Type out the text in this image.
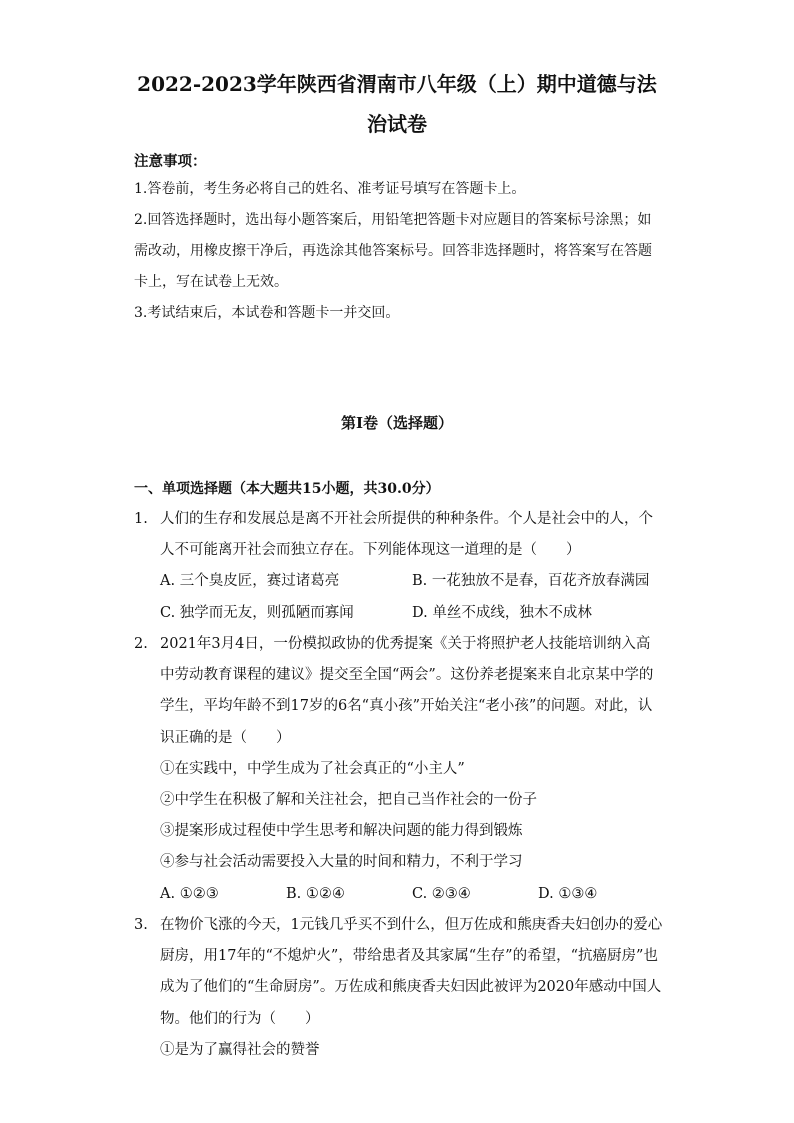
2022-2023学年陕西省渭南市八年级（上）期中道德与法
治试卷
注意事项：
1.答卷前，考生务必将自己的姓名、准考证号填写在答题卡上。
2.回答选择题时，选出每小题答案后，用铅笔把答题卡对应题目的答案标号涂黑；如需改动，用橡皮擦干净后，再选涂其他答案标号。回答非选择题时，将答案写在答题卡上，写在试卷上无效。
3.考试结束后，本试卷和答题卡一并交回。
第Ⅰ卷（选择题）
一、单项选择题（本大题共15小题，共30.0分）
1. 人们的生存和发展总是离不开社会所提供的种种条件。个人是社会中的人，个人不可能离开社会而独立存在。下列能体现这一道理的是（　　）
A. 三个臭皮匠，赛过诸葛亮	B. 一花独放不是春，百花齐放春满园
C. 独学而无友，则孤陋而寡闻	D. 单丝不成线，独木不成林
2. 2021年3月4日，一份模拟政协的优秀提案《关于将照护老人技能培训纳入高中劳动教育课程的建议》提交至全国“两会”。这份养老提案来自北京某中学的学生，平均年龄不到17岁的6名“真小孩”开始关注“老小孩”的问题。对此，认识正确的是（　　）
①在实践中，中学生成为了社会真正的“小主人”
②中学生在积极了解和关注社会，把自己当作社会的一份子
③提案形成过程使中学生思考和解决问题的能力得到锻炼
④参与社会活动需要投入大量的时间和精力，不利于学习
A. ①②③	B. ①②④	C. ②③④	D. ①③④
3. 在物价飞涨的今天，1元钱几乎买不到什么，但万佐成和熊庚香夫妇创办的爱心厨房，用17年的“不熄炉火”，带给患者及其家属“生存”的希望，“抗癌厨房”也成为了他们的“生命厨房”。万佐成和熊庚香夫妇因此被评为2020年感动中国人物。他们的行为（　　）
①是为了赢得社会的赞誉
